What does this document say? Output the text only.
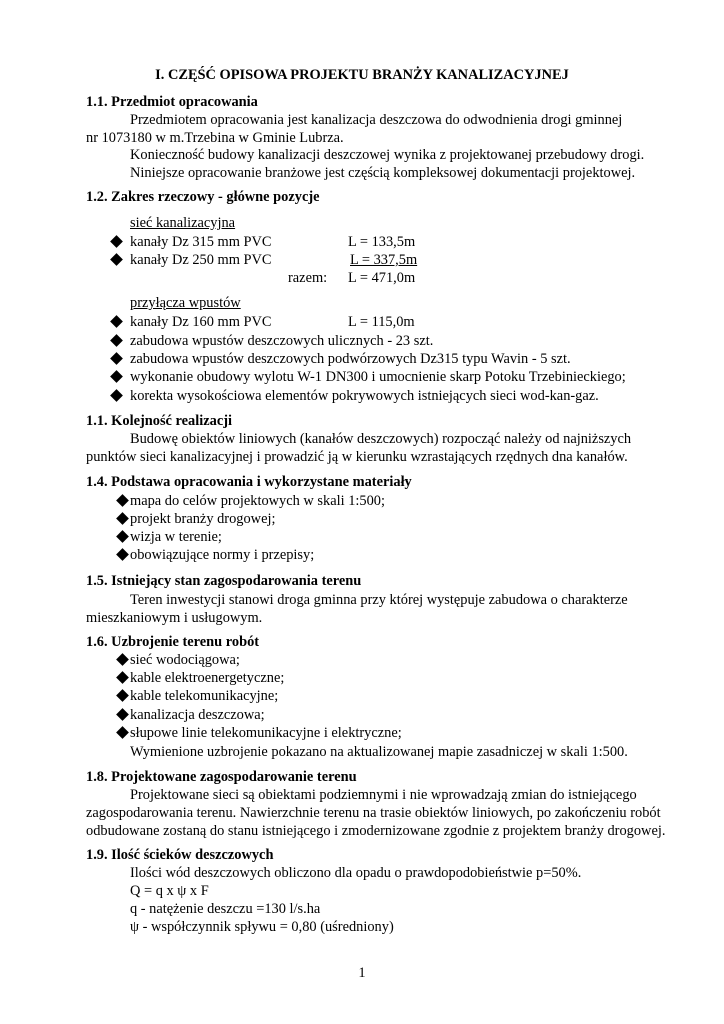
I. CZĘŚĆ OPISOWA PROJEKTU BRANŻY KANALIZACYJNEJ
1.1. Przedmiot opracowania
Przedmiotem opracowania jest kanalizacja deszczowa do odwodnienia drogi gminnej
nr 1073180 w m.Trzebina w Gminie Lubrza.
Konieczność budowy kanalizacji deszczowej wynika z projektowanej przebudowy drogi.
Niniejsze opracowanie branżowe jest częścią kompleksowej dokumentacji projektowej.
1.2. Zakres rzeczowy - główne pozycje
sieć kanalizacyjna
kanały Dz 315 mm PVC	L = 133,5m
kanały Dz 250 mm PVC	L = 337,5m
razem: L = 471,0m
przyłącza wpustów
kanały Dz 160 mm PVC	L = 115,0m
zabudowa wpustów deszczowych ulicznych - 23 szt.
zabudowa wpustów deszczowych podwórzowych Dz315 typu Wavin - 5 szt.
wykonanie obudowy wylotu W-1 DN300 i umocnienie skarp Potoku Trzebinieckiego;
korekta wysokościowa elementów pokrywowych istniejących sieci wod-kan-gaz.
1.1. Kolejność realizacji
Budowę obiektów liniowych (kanałów deszczowych) rozpocząć należy od najniższych
punktów sieci kanalizacyjnej i prowadzić ją w kierunku wzrastających rzędnych dna kanałów.
1.4. Podstawa opracowania i wykorzystane materiały
mapa do celów projektowych w skali 1:500;
projekt branży drogowej;
wizja w terenie;
obowiązujące normy i przepisy;
1.5. Istniejący stan zagospodarowania terenu
Teren inwestycji stanowi droga gminna przy której występuje zabudowa o charakterze
mieszkaniowym i usługowym.
1.6. Uzbrojenie terenu robót
sieć wodociągowa;
kable elektroenergetyczne;
kable telekomunikacyjne;
kanalizacja deszczowa;
słupowe linie telekomunikacyjne i elektryczne;
Wymienione uzbrojenie pokazano na aktualizowanej mapie zasadniczej w skali 1:500.
1.8. Projektowane zagospodarowanie terenu
Projektowane sieci są obiektami podziemnymi i nie wprowadzają zmian do istniejącego
zagospodarowania terenu. Nawierzchnie terenu na trasie obiektów liniowych, po zakończeniu robót
odbudowane zostaną do stanu istniejącego i zmodernizowane zgodnie z projektem branży drogowej.
1.9. Ilość ścieków deszczowych
Ilości wód deszczowych obliczono dla opadu o prawdopodobieństwie p=50%.
Q = q x ψ x F
q - natężenie deszczu =130 l/s.ha
ψ - współczynnik spływu = 0,80 (uśredniony)
1
